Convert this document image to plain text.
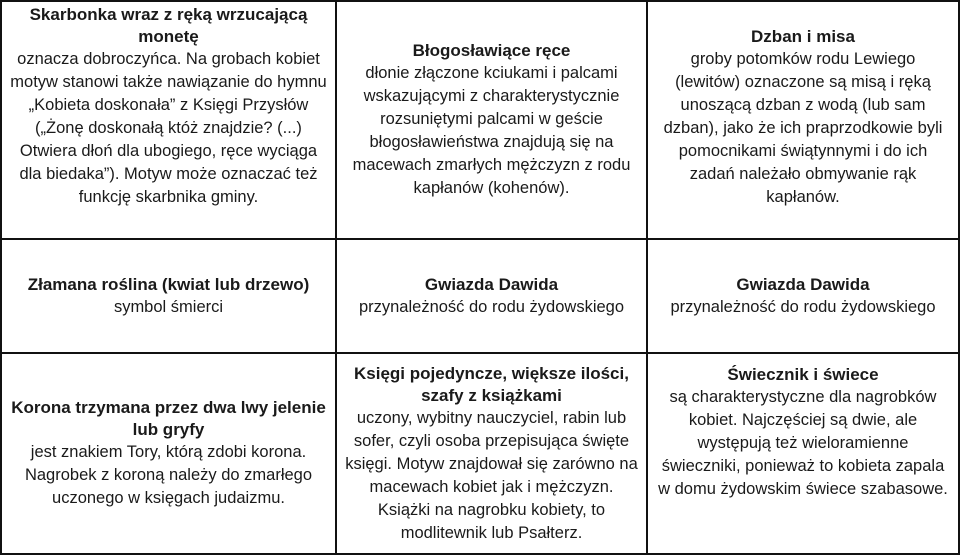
Skarbonka wraz z ręką wrzucającą monetę
oznacza dobroczyńca. Na grobach kobiet motyw stanowi także nawiązanie do hymnu „Kobieta doskonała” z Księgi Przysłów („Żonę doskonałą któż znajdzie? (...) Otwiera dłoń dla ubogiego, ręce wyciąga dla biedaka”). Motyw może oznaczać też funkcję skarbnika gminy.
Błogosławiące ręce
dłonie złączone kciukami i palcami wskazującymi z charakterystycznie rozsuniętymi palcami w geście błogosławieństwa znajdują się na macewach zmarłych mężczyzn z rodu kapłanów (kohenów).
Dzban i misa
groby potomków rodu Lewiego (lewitów) oznaczone są misą i ręką unoszącą dzban z wodą (lub sam dzban), jako że ich praprzodkowie byli pomocnikami świątynnymi i do ich zadań należało obmywanie rąk kapłanów.
Złamana roślina (kwiat lub drzewo)
symbol śmierci
Gwiazda Dawida
przynależność do rodu żydowskiego
Gwiazda Dawida
przynależność do rodu żydowskiego
Korona trzymana przez dwa lwy jelenie lub gryfy
jest znakiem Tory, którą zdobi korona. Nagrobek z koroną należy do zmarłego uczonego w księgach judaizmu.
Księgi pojedyncze, większe ilości, szafy z książkami
uczony, wybitny nauczyciel, rabin lub sofer, czyli osoba przepisująca święte księgi. Motyw znajdował się zarówno na macewach kobiet jak i mężczyzn. Książki na nagrobku kobiety, to modlitewnik lub Psałterz.
Świecznik i świece
są charakterystyczne dla nagrobków kobiet. Najczęściej są dwie, ale występują też wieloramienne świeczniki, ponieważ to kobieta zapala w domu żydowskim świece szabasowe.
